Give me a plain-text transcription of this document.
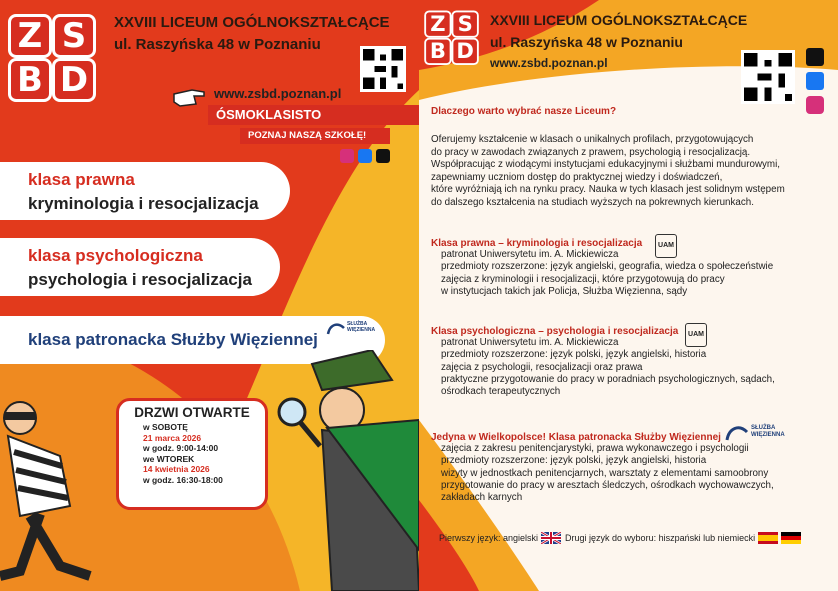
Z S
B D
XXVIII LICEUM OGÓLNOKSZTAŁCĄCE
ul. Raszyńska 48 w Poznaniu
www.zsbd.poznan.pl
ÓSMOKLASISTO
POZNAJ NASZĄ SZKOŁĘ!
klasa prawna
kryminologia i resocjalizacja
klasa psychologiczna
psychologia i resocjalizacja
klasa patronacka Służby Więziennej
SŁUŻBA WIĘZIENNA
DRZWI OTWARTE
w SOBOTĘ
21 marca 2026
w godz. 9:00-14:00
we WTOREK
14 kwietnia 2026
w godz. 16:30-18:00
Z S
B D
XXVIII LICEUM OGÓLNOKSZTAŁCĄCE
ul. Raszyńska 48 w Poznaniu
www.zsbd.poznan.pl
Dlaczego warto wybrać nasze Liceum?
Oferujemy kształcenie w klasach o unikalnych profilach, przygotowujących
do pracy w zawodach związanych z prawem, psychologią i resocjalizacją.
Współpracując z wiodącymi instytucjami edukacyjnymi i służbami mundurowymi,
zapewniamy uczniom dostęp do praktycznej wiedzy i doświadczeń,
które wyróżniają ich na rynku pracy. Nauka w tych klasach jest solidnym wstępem
do dalszego kształcenia na studiach wyższych na pokrewnych kierunkach.
Klasa prawna – kryminologia i resocjalizacja
patronat Uniwersytetu im. A. Mickiewicza
przedmioty rozszerzone: język angielski, geografia, wiedza o społeczeństwie
zajęcia z kryminologii i resocjalizacji, które przygotowują do pracy
w instytucjach takich jak Policja, Służba Więzienna, sądy
UAM
Klasa psychologiczna – psychologia i resocjalizacja
patronat Uniwersytetu im. A. Mickiewicza
przedmioty rozszerzone: język polski, język angielski, historia
zajęcia z psychologii, resocjalizacji oraz prawa
praktyczne przygotowanie do pracy w poradniach psychologicznych, sądach,
ośrodkach terapeutycznych
UAM
Jedyna w Wielkopolsce! Klasa patronacka Służby Więziennej
zajęcia z zakresu penitencjarystyki, prawa wykonawczego i psychologii
przedmioty rozszerzone: język polski, język angielski, historia
wizyty w jednostkach penitencjarnych, warsztaty z elementami samoobrony
przygotowanie do pracy w aresztach śledczych, ośrodkach wychowawczych,
zakładach karnych
SŁUŻBA WIĘZIENNA
Pierwszy język: angielski	Drugi język do wyboru: hiszpański lub niemiecki
